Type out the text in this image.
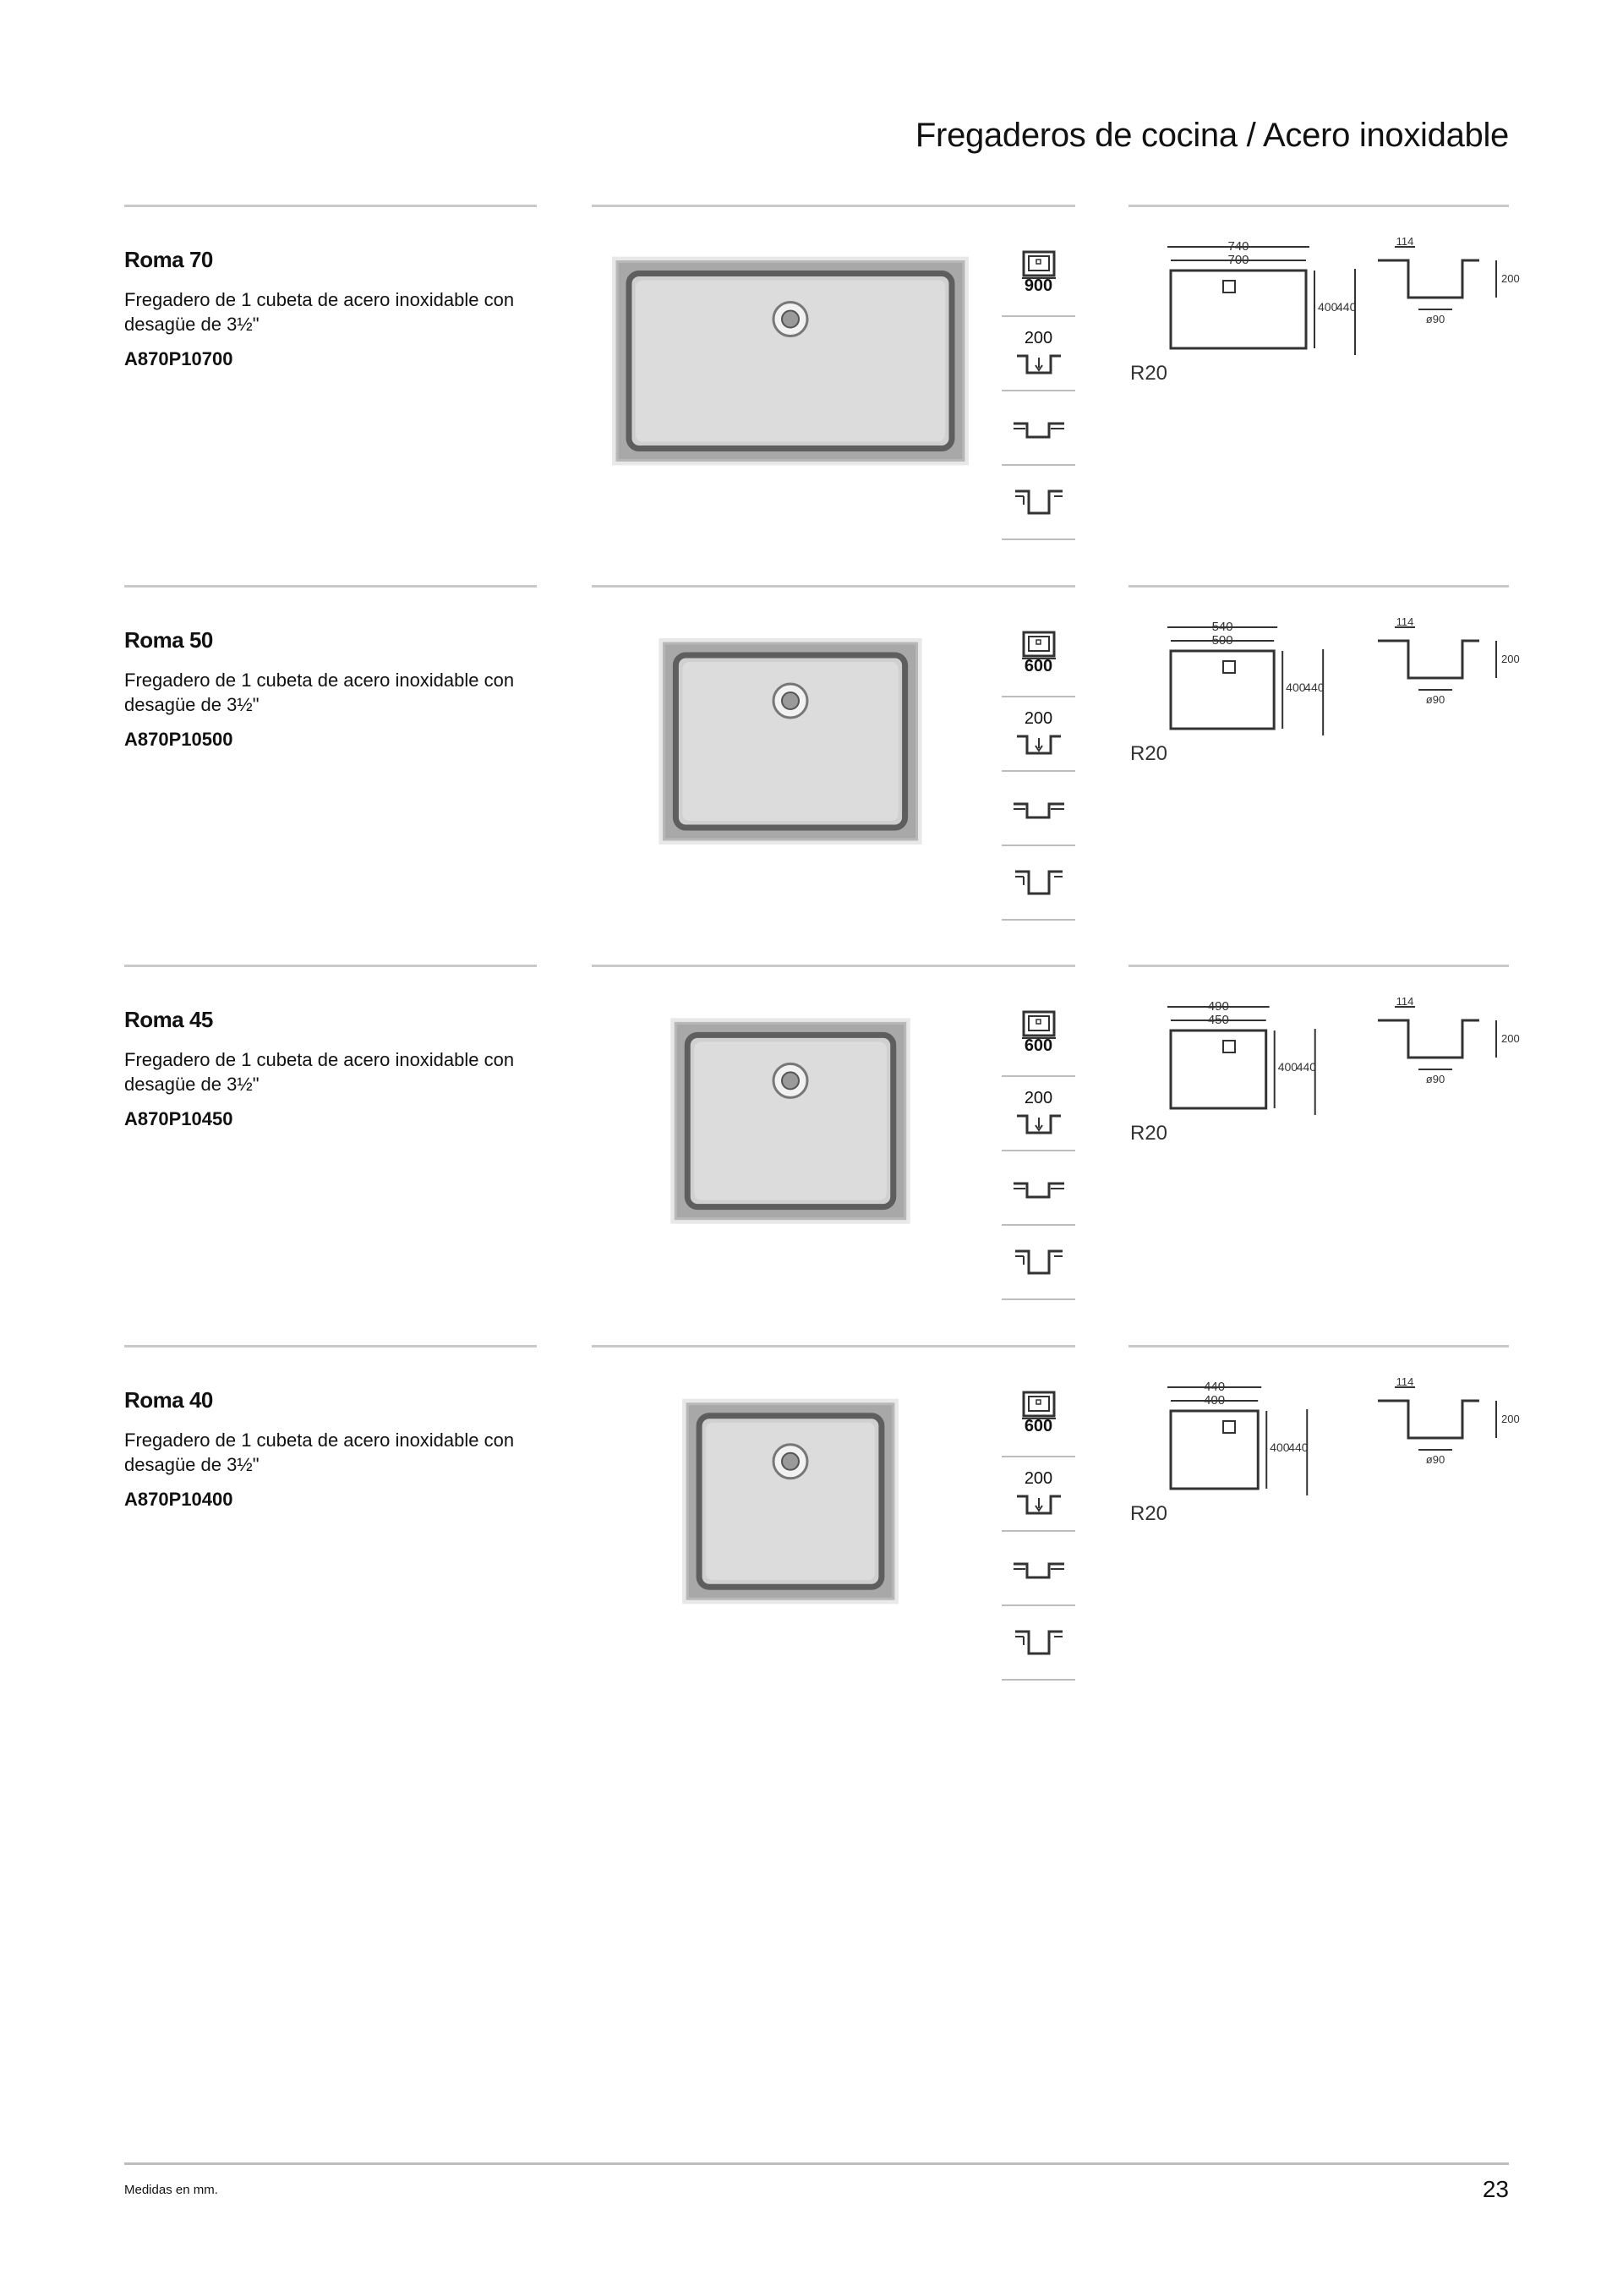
Fregaderos de cocina / Acero inoxidable
Roma 70

Fregadero de 1 cubeta de acero inoxidable con desagüe de 3½"

A870P10700

900
200
740
700
400
440
R20
114
200
ø90
Roma 50

Fregadero de 1 cubeta de acero inoxidable con desagüe de 3½"

A870P10500

600
200
540
500
400
440
R20
114
200
ø90
Roma 45

Fregadero de 1 cubeta de acero inoxidable con desagüe de 3½"

A870P10450

600
200
490
450
400
440
R20
114
200
ø90
Roma 40

Fregadero de 1 cubeta de acero inoxidable con desagüe de 3½"

A870P10400

600
200
440
400
400
440
R20
114
200
ø90

Medidas en mm.	23
